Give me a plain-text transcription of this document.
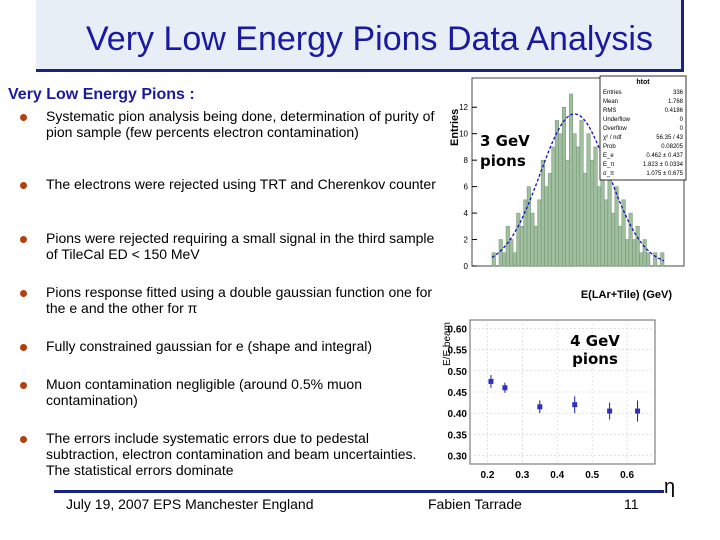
Very Low Energy Pions Data Analysis
Very Low Energy Pions :
Systematic pion analysis being done, determination of purity of pion sample (few percents electron contamination)
The electrons were rejected using TRT and Cherenkov counter
Pions were rejected requiring a small signal in the third sample of TileCal ED < 150 MeV
Pions response fitted using a double gaussian function one for the e and the other for π
Fully constrained gaussian for e (shape and integral)
Muon contamination negligible (around 0.5% muon contamination)
The errors include systematic errors due to pedestal subtraction, electron contamination and beam uncertainties. The statistical errors dominate
Entries
0
2
4
6
8
10
12
3 GeV pions
htot
Entries	336
Mean	1.768
RMS	0.4186
Underflow	0
Overflow	0
χ² / ndf	56.35 / 43
Prob	0.08205
E_e	0.462 ± 0.437
E_π	1.823 ± 0.0334
σ_π	1.075 ± 0.675
E(LAr+Tile) (GeV)
E/E beam
0.60
0.55
0.50
0.45
0.40
0.35
0.30
0.2 0.3 0.4 0.5 0.6
4 GeV pions
η
July 19, 2007 EPS Manchester England	Fabien Tarrade	11
